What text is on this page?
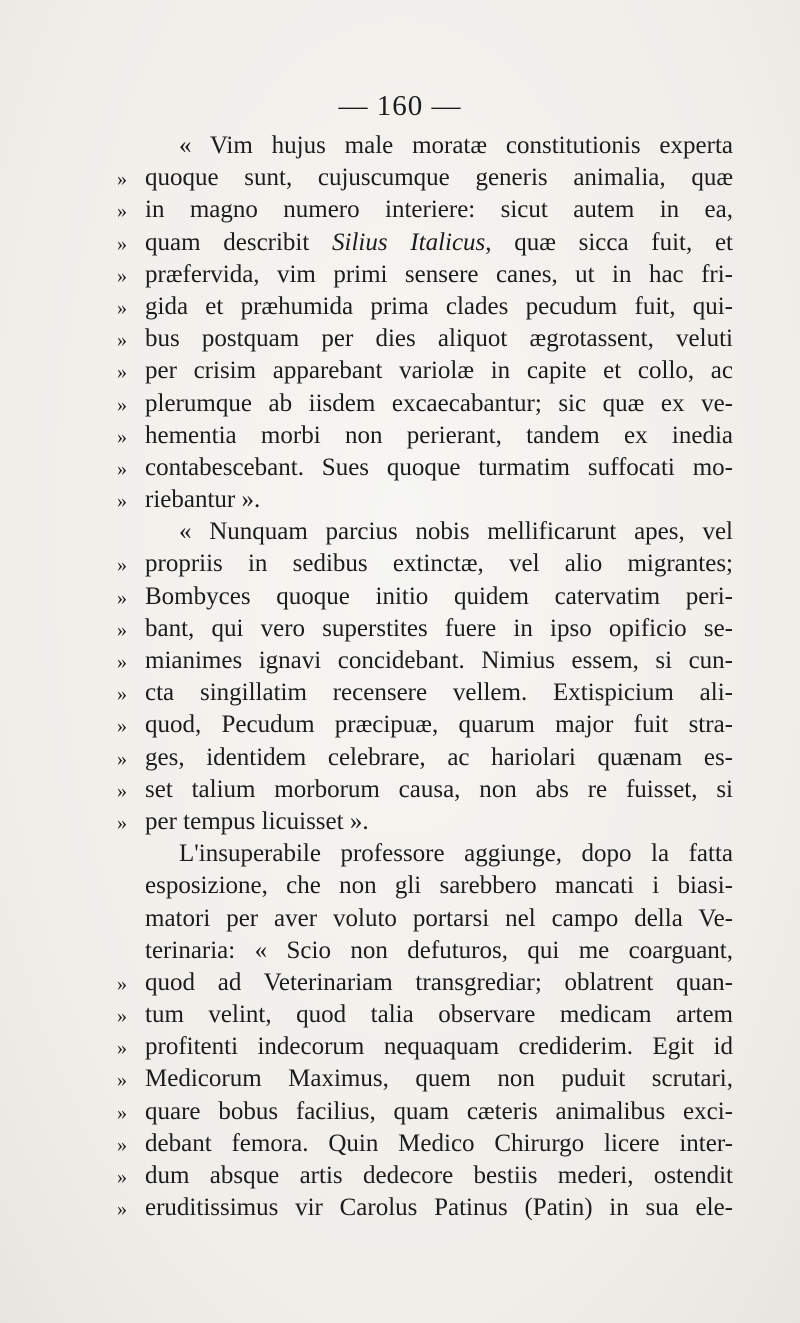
— 160 —
« Vim hujus male moratæ constitutionis experta
» quoque sunt, cujuscumque generis animalia, quæ
» in magno numero interiere: sicut autem in ea,
» quam describit Silius Italicus, quæ sicca fuit, et
» præfervida, vim primi sensere canes, ut in hac fri-
» gida et præhumida prima clades pecudum fuit, qui-
» bus postquam per dies aliquot ægrotassent, veluti
» per crisim apparebant variolæ in capite et collo, ac
» plerumque ab iisdem excaecabantur; sic quæ ex ve-
» hementia morbi non perierant, tandem ex inedia
» contabescebant. Sues quoque turmatim suffocati mo-
» riebantur ».
« Nunquam parcius nobis mellificarunt apes, vel
» propriis in sedibus extinctæ, vel alio migrantes;
» Bombyces quoque initio quidem catervatim peri-
» bant, qui vero superstites fuere in ipso opificio se-
» mianimes ignavi concidebant. Nimius essem, si cun-
» cta singillatim recensere vellem. Extispicium ali-
» quod, Pecudum præcipuæ, quarum major fuit stra-
» ges, identidem celebrare, ac hariolari quænam es-
» set talium morborum causa, non abs re fuisset, si
» per tempus licuisset ».
L'insuperabile professore aggiunge, dopo la fatta
esposizione, che non gli sarebbero mancati i biasi-
matori per aver voluto portarsi nel campo della Ve-
terinaria: « Scio non defuturos, qui me coarguant,
» quod ad Veterinariam transgrediar; oblatrent quan-
» tum velint, quod talia observare medicam artem
» profitenti indecorum nequaquam crediderim. Egit id
» Medicorum Maximus, quem non puduit scrutari,
» quare bobus facilius, quam cæteris animalibus exci-
» debant femora. Quin Medico Chirurgo licere inter-
» dum absque artis dedecore bestiis mederi, ostendit
» eruditissimus vir Carolus Patinus (Patin) in sua ele-
